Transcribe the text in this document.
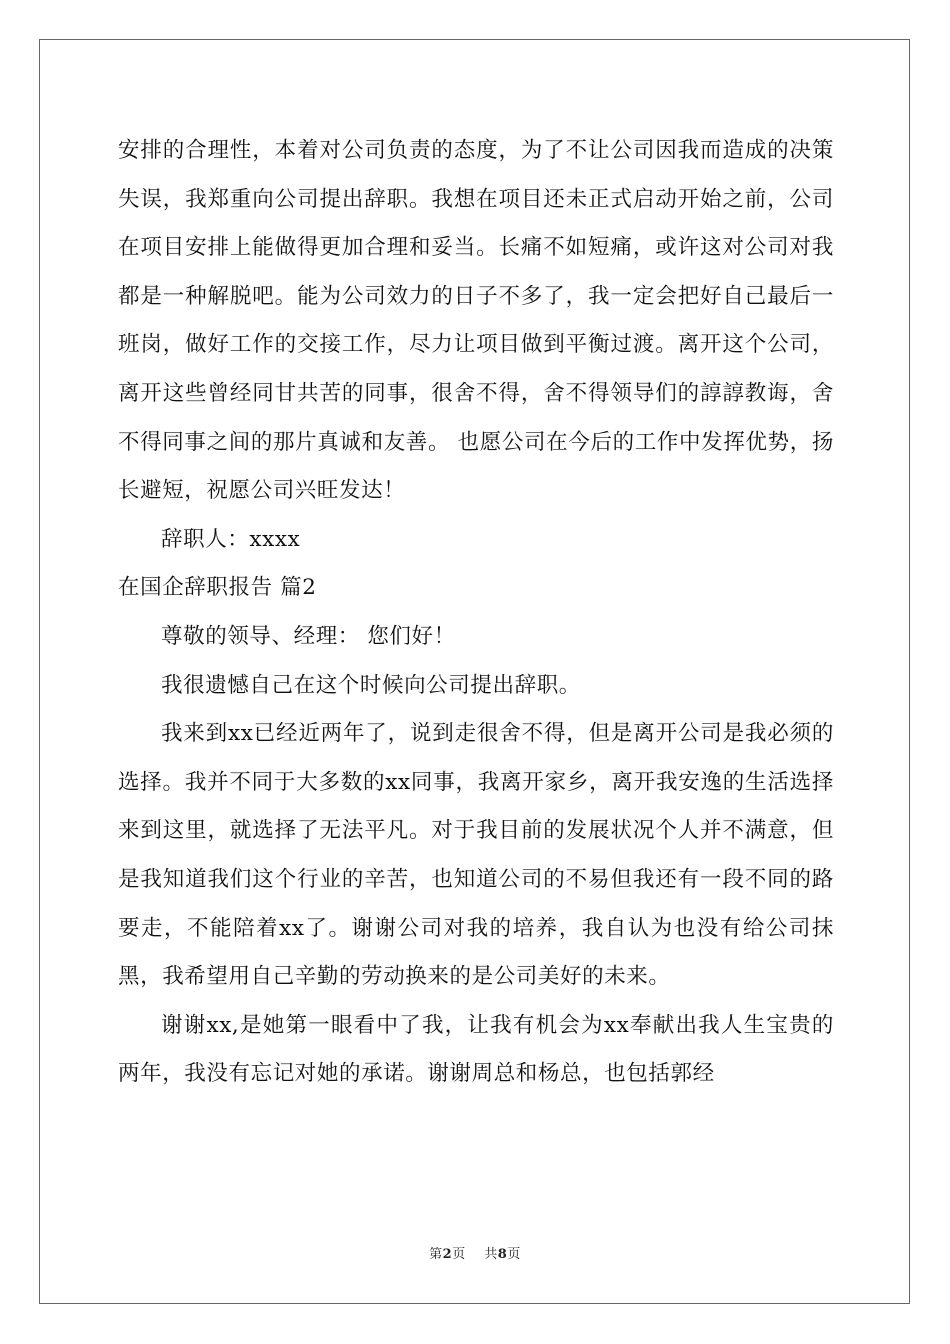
安排的合理性，本着对公司负责的态度，为了不让公司因我而造成的决策失误，我郑重向公司提出辞职。我想在项目还未正式启动开始之前，公司在项目安排上能做得更加合理和妥当。长痛不如短痛，或许这对公司对我都是一种解脱吧。能为公司效力的日子不多了，我一定会把好自己最后一班岗，做好工作的交接工作，尽力让项目做到平衡过渡。离开这个公司，离开这些曾经同甘共苦的同事，很舍不得，舍不得领导们的諄諄教诲，舍不得同事之间的那片真诚和友善。 也愿公司在今后的工作中发挥优势，扬长避短，祝愿公司兴旺发达！

辞职人：xxxx

在国企辞职报告 篇2

尊敬的领导、经理： 您们好！

我很遗憾自己在这个时候向公司提出辞职。

我来到xx已经近两年了，说到走很舍不得，但是离开公司是我必须的选择。我并不同于大多数的xx同事，我离开家乡，离开我安逸的生活选择来到这里，就选择了无法平凡。对于我目前的发展状况个人并不满意，但是我知道我们这个行业的辛苦，也知道公司的不易但我还有一段不同的路要走，不能陪着xx了。谢谢公司对我的培养，我自认为也没有给公司抹黑，我希望用自己辛勤的劳动换来的是公司美好的未来。

谢谢xx,是她第一眼看中了我，让我有机会为xx奉献出我人生宝贵的两年，我没有忘记对她的承诺。谢谢周总和杨总，也包括郭经

第2页 共8页
